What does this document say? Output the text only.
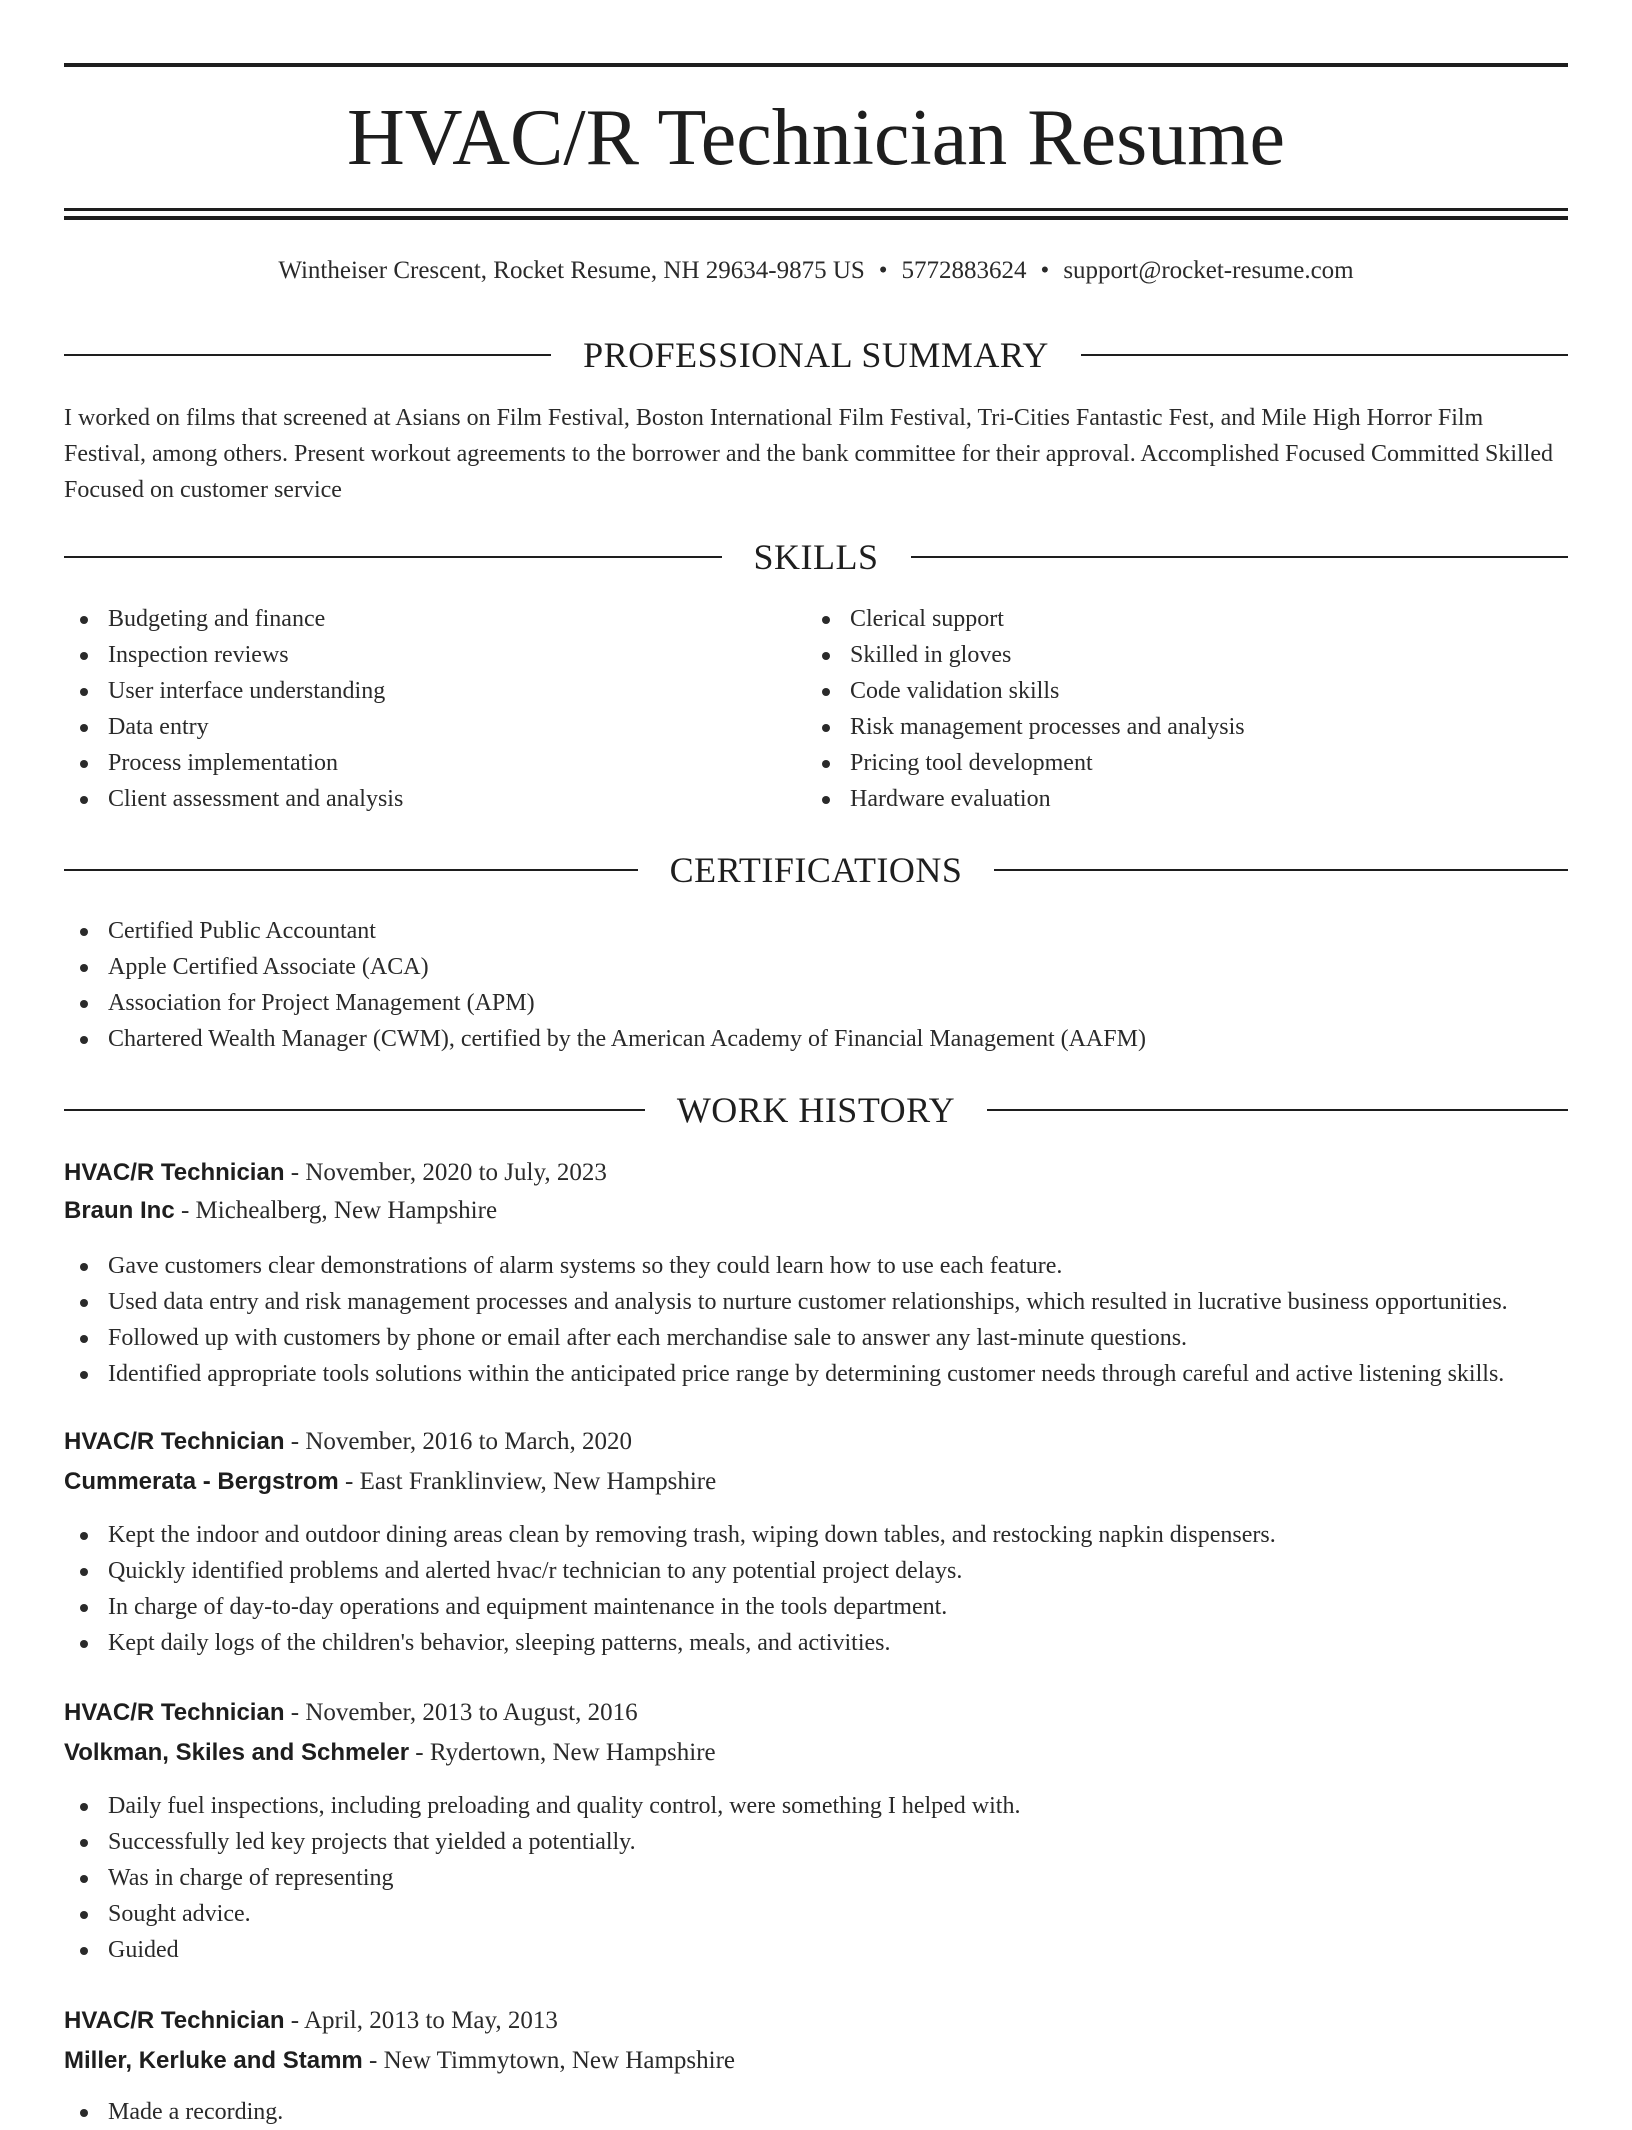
HVAC/R Technician Resume
Wintheiser Crescent, Rocket Resume, NH 29634-9875 US • 5772883624 • support@rocket-resume.com
PROFESSIONAL SUMMARY

I worked on films that screened at Asians on Film Festival, Boston International Film Festival, Tri-Cities Fantastic Fest, and Mile High Horror Film Festival, among others. Present workout agreements to the borrower and the bank committee for their approval. Accomplished Focused Committed Skilled Focused on customer service

SKILLS
Budgeting and finance
Inspection reviews
User interface understanding
Data entry
Process implementation
Client assessment and analysis
Clerical support
Skilled in gloves
Code validation skills
Risk management processes and analysis
Pricing tool development
Hardware evaluation
CERTIFICATIONS
Certified Public Accountant
Apple Certified Associate (ACA)
Association for Project Management (APM)
Chartered Wealth Manager (CWM), certified by the American Academy of Financial Management (AAFM)
WORK HISTORY
HVAC/R Technician - November, 2020 to July, 2023
Braun Inc - Michealberg, New Hampshire
Gave customers clear demonstrations of alarm systems so they could learn how to use each feature.
Used data entry and risk management processes and analysis to nurture customer relationships, which resulted in lucrative business opportunities.
Followed up with customers by phone or email after each merchandise sale to answer any last-minute questions.
Identified appropriate tools solutions within the anticipated price range by determining customer needs through careful and active listening skills.
HVAC/R Technician - November, 2016 to March, 2020
Cummerata - Bergstrom - East Franklinview, New Hampshire
Kept the indoor and outdoor dining areas clean by removing trash, wiping down tables, and restocking napkin dispensers.
Quickly identified problems and alerted hvac/r technician to any potential project delays.
In charge of day-to-day operations and equipment maintenance in the tools department.
Kept daily logs of the children's behavior, sleeping patterns, meals, and activities.
HVAC/R Technician - November, 2013 to August, 2016
Volkman, Skiles and Schmeler - Rydertown, New Hampshire
Daily fuel inspections, including preloading and quality control, were something I helped with.
Successfully led key projects that yielded a potentially.
Was in charge of representing
Sought advice.
Guided
HVAC/R Technician - April, 2013 to May, 2013
Miller, Kerluke and Stamm - New Timmytown, New Hampshire
Made a recording.
